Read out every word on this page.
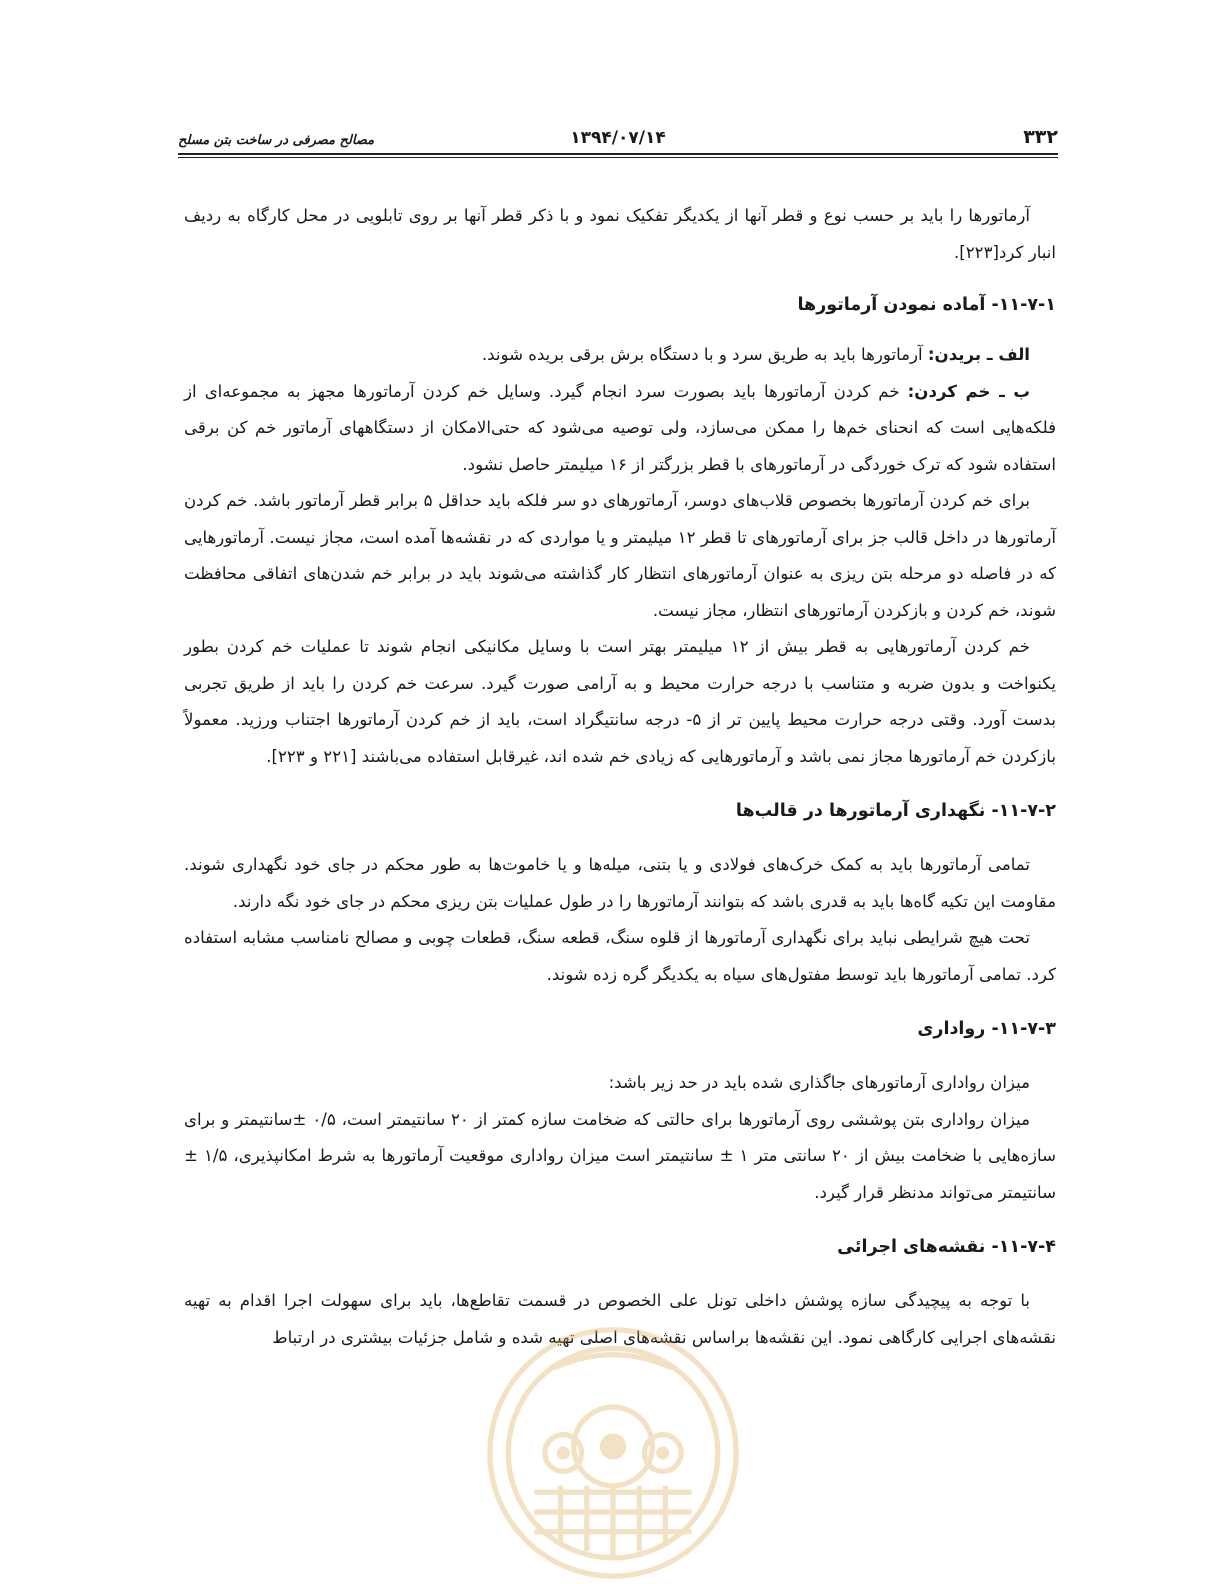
۳۳۲
۱۳۹۴/۰۷/۱۴
مصالح مصرفی در ساخت بتن مسلح

آرماتورها را باید بر حسب نوع و قطر آنها از یکدیگر تفکیک نمود و با ذکر قطر آنها بر روی تابلویی در محل کارگاه به ردیف انبار کرد[۲۲۳].

۱۱-۷-۱- آماده نمودن آرماتورها

الف ـ بریدن: آرماتورها باید به طریق سرد و با دستگاه برش برقی بریده شوند.

ب ـ خم کردن: خم کردن آرماتورها باید بصورت سرد انجام گیرد. وسایل خم کردن آرماتورها مجهز به مجموعه‌ای از فلکه‌هایی است که انحنای خم‌ها را ممکن می‌سازد، ولی توصیه می‌شود که حتی‌الامکان از دستگاههای آرماتور خم کن برقی استفاده شود که ترک خوردگی در آرماتورهای با قطر بزرگتر از ۱۶ میلیمتر حاصل نشود.

برای خم کردن آرماتورها بخصوص قلاب‌های دوسر، آرماتورهای دو سر فلکه باید حداقل ۵ برابر قطر آرماتور باشد. خم کردن آرماتورها در داخل قالب جز برای آرماتورهای تا قطر ۱۲ میلیمتر و یا مواردی که در نقشه‌ها آمده است، مجاز نیست. آرماتورهایی که در فاصله دو مرحله بتن ریزی به عنوان آرماتورهای انتظار کار گذاشته می‌شوند باید در برابر خم شدن‌های اتفاقی محافظت شوند، خم کردن و بازکردن آرماتورهای انتظار، مجاز نیست.

خم کردن آرماتورهایی به قطر بیش از ۱۲ میلیمتر بهتر است با وسایل مکانیکی انجام شوند تا عملیات خم کردن بطور یکنواخت و بدون ضربه و متناسب با درجه حرارت محیط و به آرامی صورت گیرد. سرعت خم کردن را باید از طریق تجربی بدست آورد. وقتی درجه حرارت محیط پایین تر از ۵- درجه سانتیگراد است، باید از خم کردن آرماتورها اجتناب ورزید. معمولاً بازکردن خم آرماتورها مجاز نمی باشد و آرماتورهایی که زیادی خم شده اند، غیرقابل استفاده می‌باشند [۲۲۱ و ۲۲۳].

۱۱-۷-۲- نگهداری آرماتورها در قالب‌ها

تمامی آرماتورها باید به کمک خرک‌های فولادی و یا بتنی، میله‌ها و یا خاموت‌ها به طور محکم در جای خود نگهداری شوند. مقاومت این تکیه گاه‌ها باید به قدری باشد که بتوانند آرماتورها را در طول عملیات بتن ریزی محکم در جای خود نگه دارند.

تحت هیچ شرایطی نباید برای نگهداری آرماتورها از قلوه سنگ، قطعه سنگ، قطعات چوبی و مصالح نامناسب مشابه استفاده کرد. تمامی آرماتورها باید توسط مفتول‌های سیاه به یکدیگر گره زده شوند.

۱۱-۷-۳- رواداری

میزان رواداری آرماتورهای جاگذاری شده باید در حد زیر باشد:

میزان رواداری بتن پوششی روی آرماتورها برای حالتی که ضخامت سازه کمتر از ۲۰ سانتیمتر است، ۰/۵ ±سانتیمتر و برای سازه‌هایی با ضخامت بیش از ۲۰ سانتی متر ۱ ± سانتیمتر است میزان رواداری موقعیت آرماتورها به شرط امکانپذیری، ۱/۵ ± سانتیمتر می‌تواند مدنظر قرار گیرد.

۱۱-۷-۴- نقشه‌های اجرائی

با توجه به پیچیدگی سازه پوشش داخلی تونل علی الخصوص در قسمت تقاطع‌ها، باید برای سهولت اجرا اقدام به تهیه نقشه‌های اجرایی کارگاهی نمود. این نقشه‌ها براساس نقشه‌های اصلی تهیه شده و شامل جزئیات بیشتری در ارتباط
